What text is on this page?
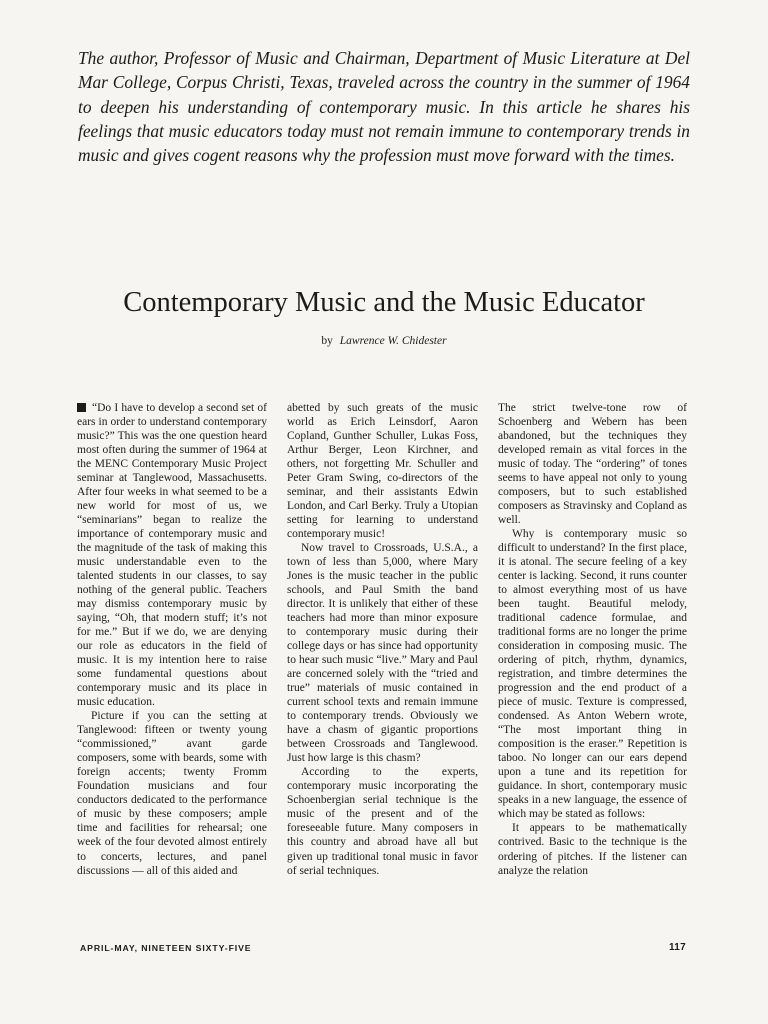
The author, Professor of Music and Chairman, Department of Music Literature at Del Mar College, Corpus Christi, Texas, traveled across the country in the summer of 1964 to deepen his understanding of contemporary music. In this article he shares his feelings that music educators today must not remain immune to contemporary trends in music and gives cogent reasons why the profession must move forward with the times.

Contemporary Music and the Music Educator

by Lawrence W. Chidester

“Do I have to develop a second set of ears in order to understand contemporary music?” This was the one question heard most often during the summer of 1964 at the MENC Contemporary Music Project seminar at Tanglewood, Massachusetts. After four weeks in what seemed to be a new world for most of us, we “seminarians” began to realize the importance of contemporary music and the magnitude of the task of making this music understandable even to the talented students in our classes, to say nothing of the general public. Teachers may dismiss contemporary music by saying, “Oh, that modern stuff; it’s not for me.” But if we do, we are denying our role as educators in the field of music. It is my intention here to raise some fundamental questions about contemporary music and its place in music education.

Picture if you can the setting at Tanglewood: fifteen or twenty young “commissioned,” avant garde composers, some with beards, some with foreign accents; twenty Fromm Foundation musicians and four conductors dedicated to the performance of music by these composers; ample time and facilities for rehearsal; one week of the four devoted almost entirely to concerts, lectures, and panel discussions — all of this aided and

abetted by such greats of the music world as Erich Leinsdorf, Aaron Copland, Gunther Schuller, Lukas Foss, Arthur Berger, Leon Kirchner, and others, not forgetting Mr. Schuller and Peter Gram Swing, co-directors of the seminar, and their assistants Edwin London, and Carl Berky. Truly a Utopian setting for learning to understand contemporary music!

Now travel to Crossroads, U.S.A., a town of less than 5,000, where Mary Jones is the music teacher in the public schools, and Paul Smith the band director. It is unlikely that either of these teachers had more than minor exposure to contemporary music during their college days or has since had opportunity to hear such music “live.” Mary and Paul are concerned solely with the “tried and true” materials of music contained in current school texts and remain immune to contemporary trends. Obviously we have a chasm of gigantic proportions between Crossroads and Tanglewood. Just how large is this chasm?

According to the experts, contemporary music incorporating the Schoenbergian serial technique is the music of the present and of the foreseeable future. Many composers in this country and abroad have all but given up traditional tonal music in favor of serial techniques.

The strict twelve-tone row of Schoenberg and Webern has been abandoned, but the techniques they developed remain as vital forces in the music of today. The “ordering” of tones seems to have appeal not only to young composers, but to such established composers as Stravinsky and Copland as well.

Why is contemporary music so difficult to understand? In the first place, it is atonal. The secure feeling of a key center is lacking. Second, it runs counter to almost everything most of us have been taught. Beautiful melody, traditional cadence formulae, and traditional forms are no longer the prime consideration in composing music. The ordering of pitch, rhythm, dynamics, registration, and timbre determines the progression and the end product of a piece of music. Texture is compressed, condensed. As Anton Webern wrote, “The most important thing in composition is the eraser.” Repetition is taboo. No longer can our ears depend upon a tune and its repetition for guidance. In short, contemporary music speaks in a new language, the essence of which may be stated as follows:

It appears to be mathematically contrived. Basic to the technique is the ordering of pitches. If the listener can analyze the relation

APRIL-MAY, NINETEEN SIXTY-FIVE	117
